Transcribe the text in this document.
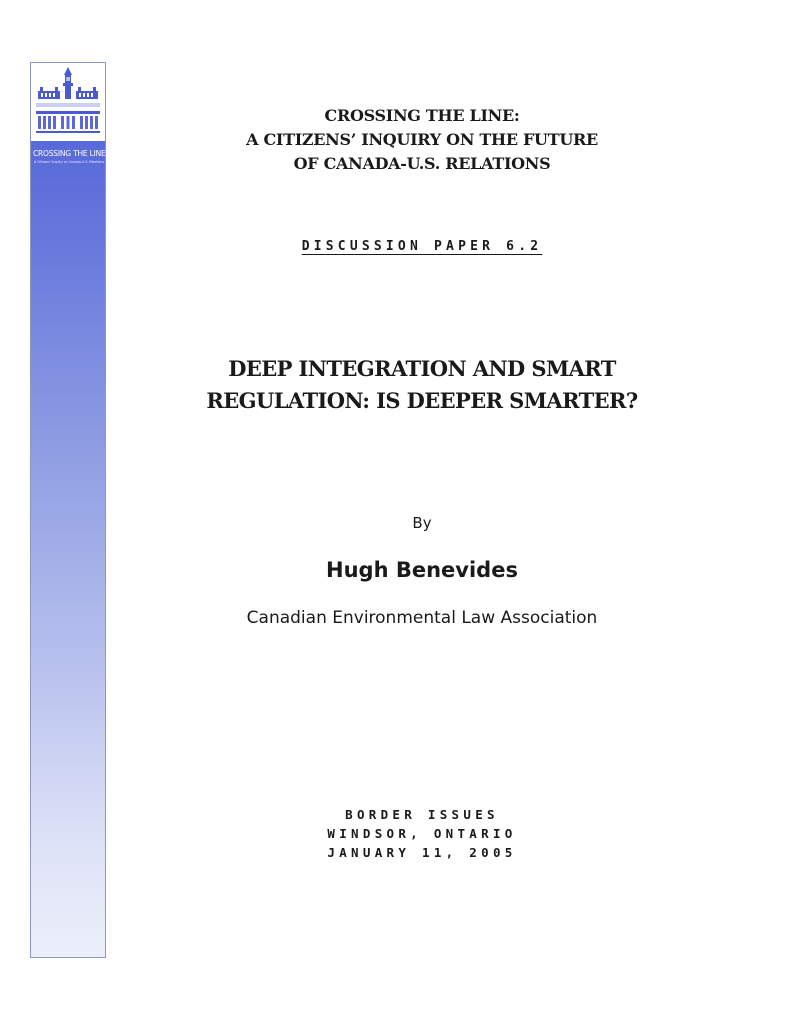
CROSSING THE LINE
A Citizens' Inquiry on Canada-U.S. Relations
CROSSING THE LINE:
A CITIZENS’ INQUIRY ON THE FUTURE
OF CANADA-U.S. RELATIONS
DISCUSSION PAPER 6.2
DEEP INTEGRATION AND SMART
REGULATION: IS DEEPER SMARTER?
By
Hugh Benevides
Canadian Environmental Law Association
BORDER ISSUES
WINDSOR, ONTARIO
JANUARY 11, 2005
